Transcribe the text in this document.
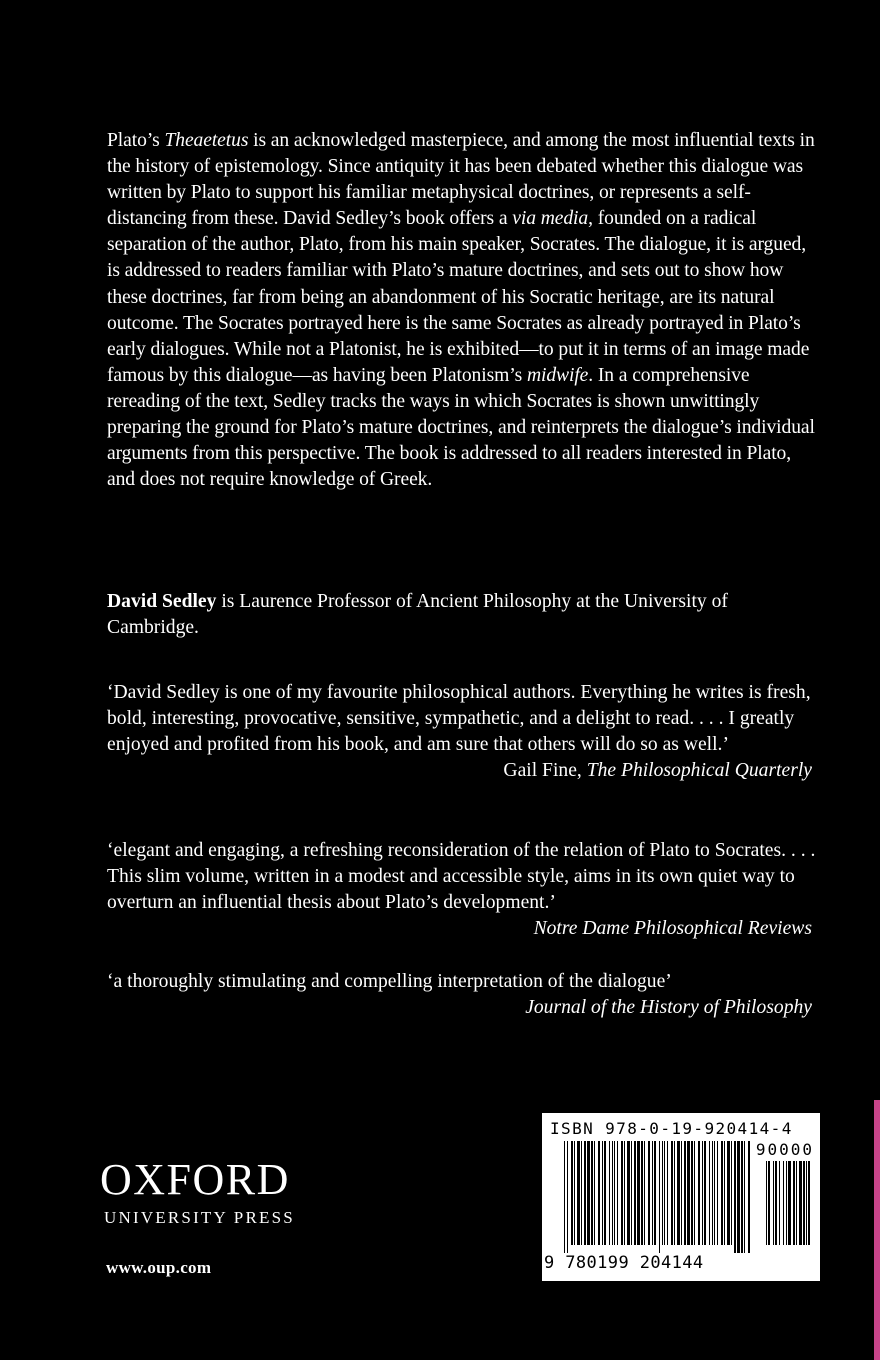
Plato’s Theaetetus is an acknowledged masterpiece, and among the most influential texts in the history of epistemology. Since antiquity it has been debated whether this dialogue was written by Plato to support his familiar metaphysical doctrines, or represents a self-distancing from these. David Sedley’s book offers a via media, founded on a radical separation of the author, Plato, from his main speaker, Socrates. The dialogue, it is argued, is addressed to readers familiar with Plato’s mature doctrines, and sets out to show how these doctrines, far from being an abandonment of his Socratic heritage, are its natural outcome. The Socrates portrayed here is the same Socrates as already portrayed in Plato’s early dialogues. While not a Platonist, he is exhibited—to put it in terms of an image made famous by this dialogue—as having been Platonism’s midwife. In a comprehensive rereading of the text, Sedley tracks the ways in which Socrates is shown unwittingly preparing the ground for Plato’s mature doctrines, and reinterprets the dialogue’s individual arguments from this perspective. The book is addressed to all readers interested in Plato, and does not require knowledge of Greek.

David Sedley is Laurence Professor of Ancient Philosophy at the University of Cambridge.

‘David Sedley is one of my favourite philosophical authors. Everything he writes is fresh, bold, interesting, provocative, sensitive, sympathetic, and a delight to read. . . . I greatly enjoyed and profited from his book, and am sure that others will do so as well.’

Gail Fine, The Philosophical Quarterly

‘elegant and engaging, a refreshing reconsideration of the relation of Plato to Socrates. . . . This slim volume, written in a modest and accessible style, aims in its own quiet way to overturn an influential thesis about Plato’s development.’

Notre Dame Philosophical Reviews

‘a thoroughly stimulating and compelling interpretation of the dialogue’

Journal of the History of Philosophy

OXFORD
UNIVERSITY PRESS
www.oup.com
ISBN 978-0-19-920414-4
90000
9 780199 204144
